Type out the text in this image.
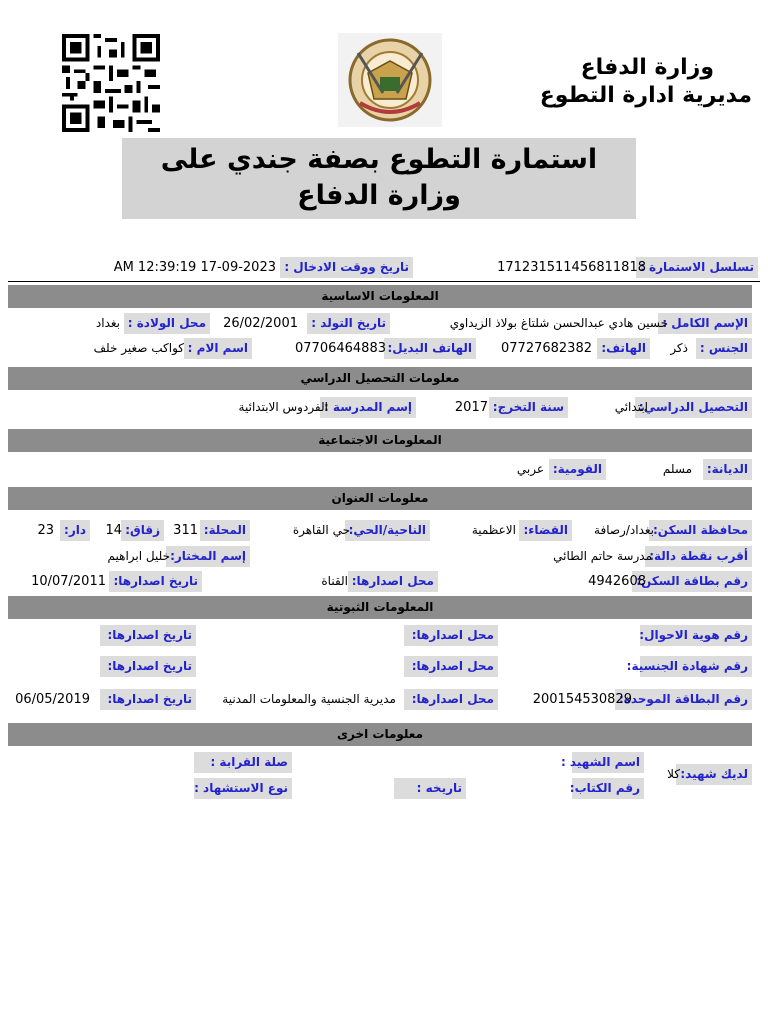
وزارة الدفاع
مديرية ادارة التطوع
استمارة التطوع بصفة جندي على وزارة الدفاع
تسلسل الاستمارة :
17123151145681181‎8
تاريخ ووقت الادخال :
AM 12:39:19 17-09-2023
المعلومات الاساسية
الإسم الكامل :
حسين هادي عبدالحسن شلتاغ بولاذ الزيداوي
تاريخ التولد :
26/02/2001
محل الولادة :
بغداد
الجنس :
ذكر
الهاتف:
07727682382
الهاتف البديل:
07706464883
اسم الام :
كواكب صغير خلف
معلومات التحصيل الدراسي
التحصيل الدراسي:
ابتدائي
سنة التخرج:
2017
إسم المدرسة :
الفردوس الابتدائية
المعلومات الاجتماعية
الديانة:
مسلم
القومية:
عربي
معلومات العنوان
محافظة السكن:
بغداد/رصافة
القضاء:
الاعظمية
الناحية/الحي:
حي القاهرة
المحلة:
311
زقاق:
14
دار:
23
أقرب نقطة دالة:
مدرسة حاتم الطائي
إسم المختار:
خليل ابراهيم
رقم بطاقة السكن:
4942608
محل اصدارها:
القناة
تاريخ اصدارها:
10/07/2011
المعلومات الثبوتية
رقم هوية الاحوال:
محل اصدارها:
تاريخ اصدارها:
رقم شهادة الجنسية:
محل اصدارها:
تاريخ اصدارها:
رقم البطاقة الموحدة:
200154530829
محل اصدارها:
مديرية الجنسية والمعلومات المدنية
تاريخ اصدارها:
06/05/2019
معلومات اخرى
لديك شهيد:
كلا
اسم الشهيد :
رقم الكتاب:
تاريخه :
صلة القرابة :
نوع الاستشهاد :
